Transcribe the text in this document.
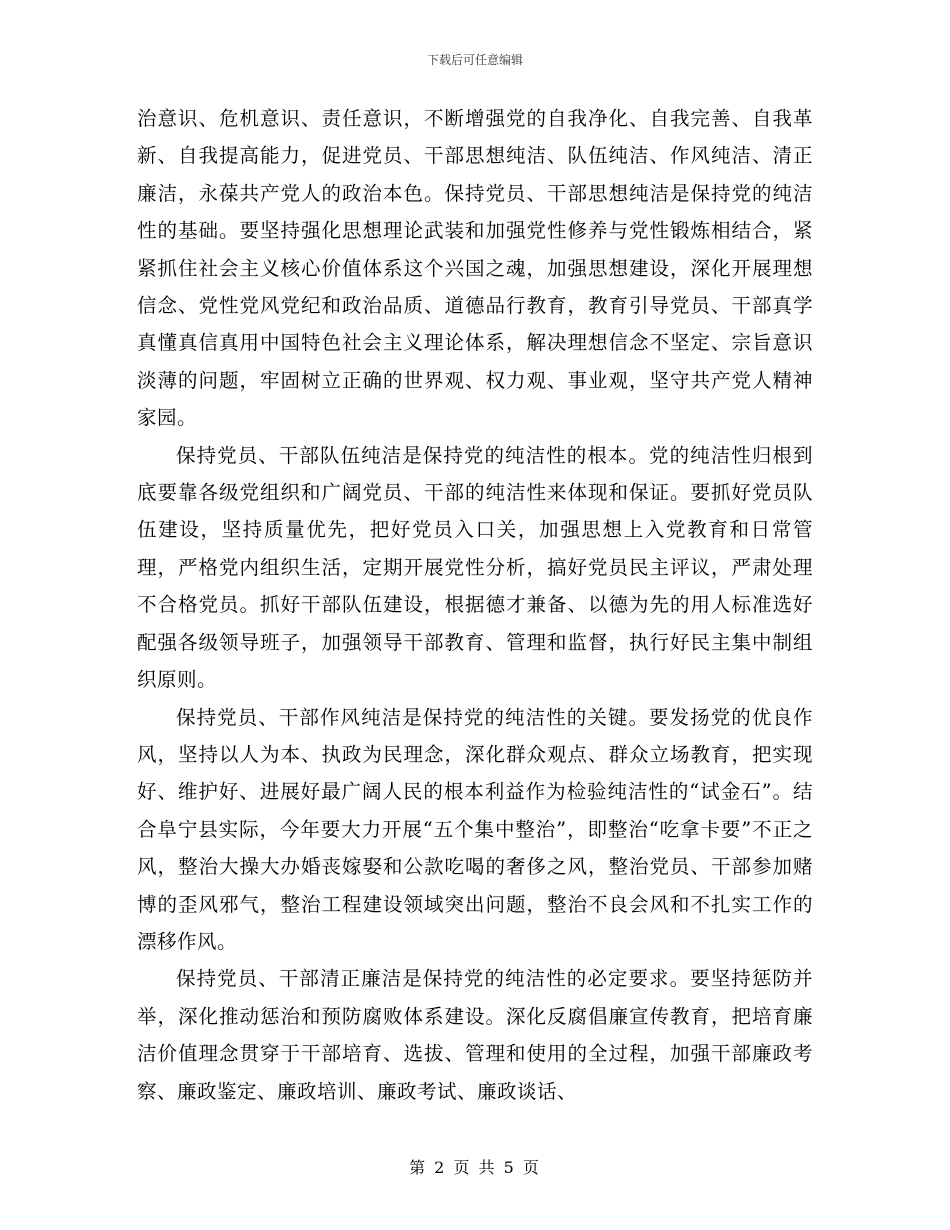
下载后可任意编辑

治意识、危机意识、责任意识，不断增强党的自我净化、自我完善、自我革新、自我提高能力，促进党员、干部思想纯洁、队伍纯洁、作风纯洁、清正廉洁，永葆共产党人的政治本色。保持党员、干部思想纯洁是保持党的纯洁性的基础。要坚持强化思想理论武装和加强党性修养与党性锻炼相结合，紧紧抓住社会主义核心价值体系这个兴国之魂，加强思想建设，深化开展理想信念、党性党风党纪和政治品质、道德品行教育，教育引导党员、干部真学真懂真信真用中国特色社会主义理论体系，解决理想信念不坚定、宗旨意识淡薄的问题，牢固树立正确的世界观、权力观、事业观，坚守共产党人精神家园。

保持党员、干部队伍纯洁是保持党的纯洁性的根本。党的纯洁性归根到底要靠各级党组织和广阔党员、干部的纯洁性来体现和保证。要抓好党员队伍建设，坚持质量优先，把好党员入口关，加强思想上入党教育和日常管理，严格党内组织生活，定期开展党性分析，搞好党员民主评议，严肃处理不合格党员。抓好干部队伍建设，根据德才兼备、以德为先的用人标准选好配强各级领导班子，加强领导干部教育、管理和监督，执行好民主集中制组织原则。

保持党员、干部作风纯洁是保持党的纯洁性的关键。要发扬党的优良作风，坚持以人为本、执政为民理念，深化群众观点、群众立场教育，把实现好、维护好、进展好最广阔人民的根本利益作为检验纯洁性的“试金石”。结合阜宁县实际，今年要大力开展“五个集中整治”，即整治“吃拿卡要”不正之风，整治大操大办婚丧嫁娶和公款吃喝的奢侈之风，整治党员、干部参加赌博的歪风邪气，整治工程建设领域突出问题，整治不良会风和不扎实工作的漂移作风。

保持党员、干部清正廉洁是保持党的纯洁性的必定要求。要坚持惩防并举，深化推动惩治和预防腐败体系建设。深化反腐倡廉宣传教育，把培育廉洁价值理念贯穿于干部培育、选拔、管理和使用的全过程，加强干部廉政考察、廉政鉴定、廉政培训、廉政考试、廉政谈话、

第 2 页 共 5 页
